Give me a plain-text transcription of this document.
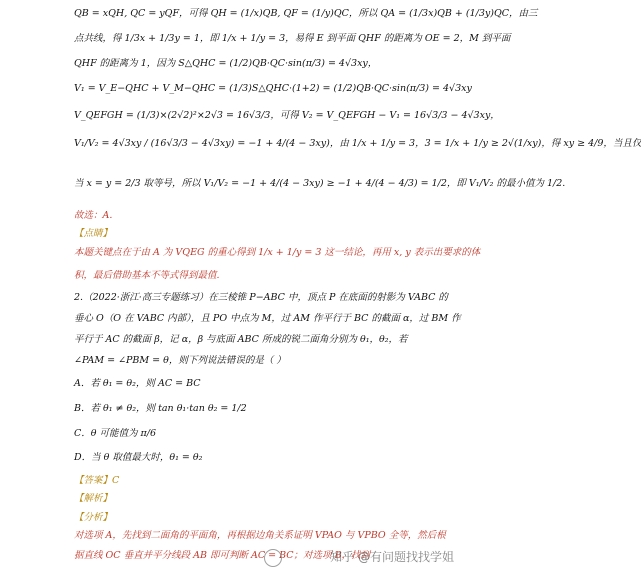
QB = xQH, QC = yQF，可得 QH = (1/x)QB, QF = (1/y)QC，所以 QA = (1/3x)QB + (1/3y)QC，由三
点共线，得 1/3x + 1/3y = 1，即 1/x + 1/y = 3，易得 E 到平面 QHF 的距离为 OE = 2，M 到平面
QHF 的距离为 1，因为 S△QHC = (1/2)QB·QC·sin(π/3) = 4√3xy，
V₁ = V_E−QHC + V_M−QHC = (1/3)S△QHC·(1+2) = (1/2)QB·QC·sin(π/3) = 4√3xy
V_QEFGH = (1/3)×(2√2)²×2√3 = 16√3/3，可得 V₂ = V_QEFGH − V₁ = 16√3/3 − 4√3xy，
V₁/V₂ = 4√3xy / (16√3/3 − 4√3xy) = −1 + 4/(4 − 3xy)，由 1/x + 1/y = 3，3 = 1/x + 1/y ≥ 2√(1/xy)，得 xy ≥ 4/9，当且仅
当 x = y = 2/3 取等号，所以 V₁/V₂ = −1 + 4/(4 − 3xy) ≥ −1 + 4/(4 − 4/3) = 1/2，即 V₁/V₂ 的最小值为 1/2.
故选：A.
【点睛】
本题关键点在于由 A 为 VQEG 的重心得到 1/x + 1/y = 3 这一结论，再用 x, y 表示出要求的体
积，最后借助基本不等式得到最值.
2.（2022·浙江·高三专题练习）在三棱锥 P−ABC 中，顶点 P 在底面的射影为 VABC 的
垂心 O（O 在 VABC 内部），且 PO 中点为 M，过 AM 作平行于 BC 的截面 α，过 BM 作
平行于 AC 的截面 β，记 α，β 与底面 ABC 所成的锐二面角分别为 θ₁，θ₂，若
∠PAM = ∠PBM = θ，则下列说法错误的是（ ）
A．若 θ₁ = θ₂，则 AC = BC
B．若 θ₁ ≠ θ₂，则 tan θ₁·tan θ₂ = 1/2
C．θ 可能值为 π/6
D．当 θ 取值最大时，θ₁ = θ₂
【答案】C
【解析】
【分析】
对选项 A，先找到二面角的平面角，再根据边角关系证明 VPAO 与 VPBO 全等，然后根
据直线 OC 垂直并平分线段 AB 即可判断 AC = BC；对选项 B，找到
知乎 @有问题找找学姐
